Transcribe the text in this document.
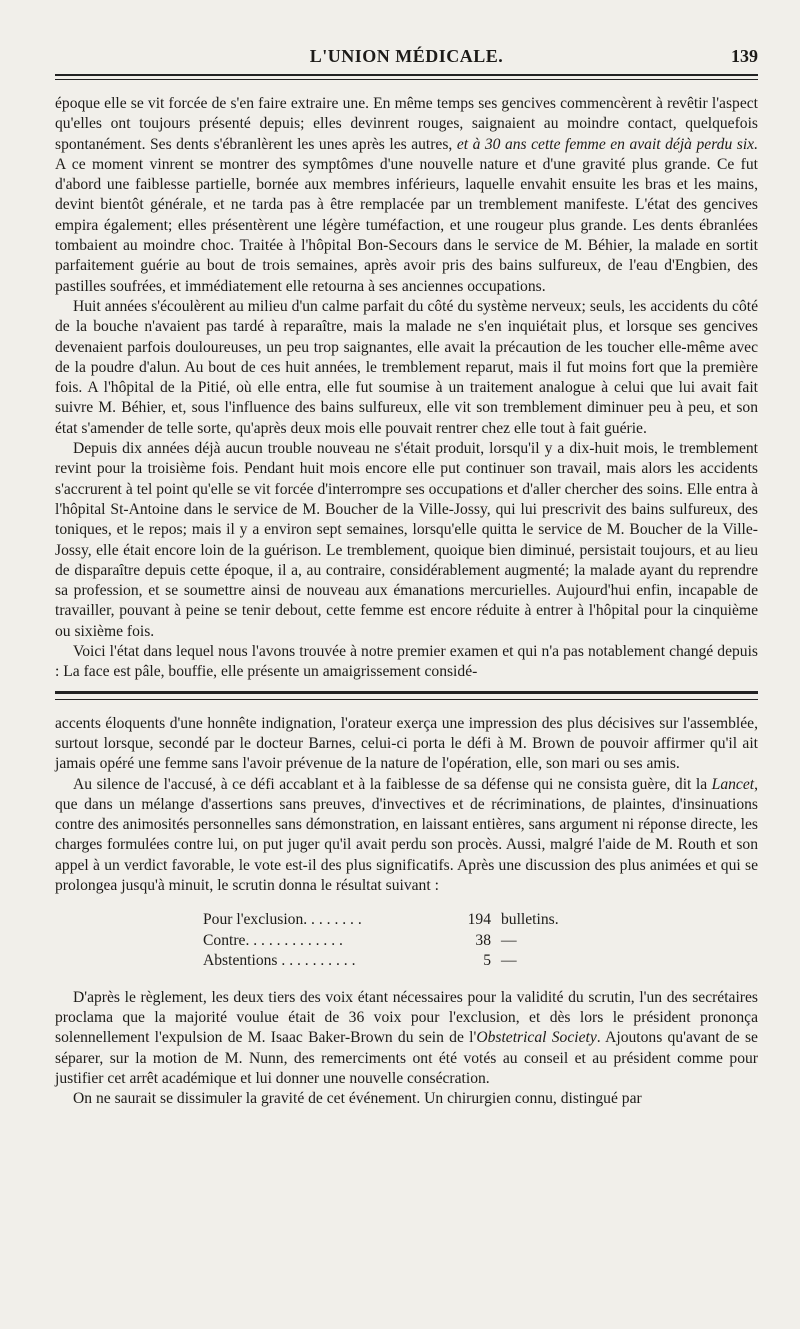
L'UNION MÉDICALE.	139

époque elle se vit forcée de s'en faire extraire une. En même temps ses gencives commencèrent à revêtir l'aspect qu'elles ont toujours présenté depuis; elles devinrent rouges, saignaient au moindre contact, quelquefois spontanément. Ses dents s'ébranlèrent les unes après les autres, et à 30 ans cette femme en avait déjà perdu six. A ce moment vinrent se montrer des symptômes d'une nouvelle nature et d'une gravité plus grande. Ce fut d'abord une faiblesse partielle, bornée aux membres inférieurs, laquelle envahit ensuite les bras et les mains, devint bientôt générale, et ne tarda pas à être remplacée par un tremblement manifeste. L'état des gencives empira également; elles présentèrent une légère tuméfaction, et une rougeur plus grande. Les dents ébranlées tombaient au moindre choc. Traitée à l'hôpital Bon-Secours dans le service de M. Béhier, la malade en sortit parfaitement guérie au bout de trois semaines, après avoir pris des bains sulfureux, de l'eau d'Engbien, des pastilles soufrées, et immédiatement elle retourna à ses anciennes occupations.

Huit années s'écoulèrent au milieu d'un calme parfait du côté du système nerveux; seuls, les accidents du côté de la bouche n'avaient pas tardé à reparaître, mais la malade ne s'en inquiétait plus, et lorsque ses gencives devenaient parfois douloureuses, un peu trop saignantes, elle avait la précaution de les toucher elle-même avec de la poudre d'alun. Au bout de ces huit années, le tremblement reparut, mais il fut moins fort que la première fois. A l'hôpital de la Pitié, où elle entra, elle fut soumise à un traitement analogue à celui que lui avait fait suivre M. Béhier, et, sous l'influence des bains sulfureux, elle vit son tremblement diminuer peu à peu, et son état s'amender de telle sorte, qu'après deux mois elle pouvait rentrer chez elle tout à fait guérie.

Depuis dix années déjà aucun trouble nouveau ne s'était produit, lorsqu'il y a dix-huit mois, le tremblement revint pour la troisième fois. Pendant huit mois encore elle put continuer son travail, mais alors les accidents s'accrurent à tel point qu'elle se vit forcée d'interrompre ses occupations et d'aller chercher des soins. Elle entra à l'hôpital St-Antoine dans le service de M. Boucher de la Ville-Jossy, qui lui prescrivit des bains sulfureux, des toniques, et le repos; mais il y a environ sept semaines, lorsqu'elle quitta le service de M. Boucher de la Ville-Jossy, elle était encore loin de la guérison. Le tremblement, quoique bien diminué, persistait toujours, et au lieu de disparaître depuis cette époque, il a, au contraire, considérablement augmenté; la malade ayant du reprendre sa profession, et se soumettre ainsi de nouveau aux émanations mercurielles. Aujourd'hui enfin, incapable de travailler, pouvant à peine se tenir debout, cette femme est encore réduite à entrer à l'hôpital pour la cinquième ou sixième fois.

Voici l'état dans lequel nous l'avons trouvée à notre premier examen et qui n'a pas notablement changé depuis : La face est pâle, bouffie, elle présente un amaigrissement considé-

accents éloquents d'une honnête indignation, l'orateur exerça une impression des plus décisives sur l'assemblée, surtout lorsque, secondé par le docteur Barnes, celui-ci porta le défi à M. Brown de pouvoir affirmer qu'il ait jamais opéré une femme sans l'avoir prévenue de la nature de l'opération, elle, son mari ou ses amis.

Au silence de l'accusé, à ce défi accablant et à la faiblesse de sa défense qui ne consista guère, dit la Lancet, que dans un mélange d'assertions sans preuves, d'invectives et de récriminations, de plaintes, d'insinuations contre des animosités personnelles sans démonstration, en laissant entières, sans argument ni réponse directe, les charges formulées contre lui, on put juger qu'il avait perdu son procès. Aussi, malgré l'aide de M. Routh et son appel à un verdict favorable, le vote est-il des plus significatifs. Après une discussion des plus animées et qui se prolongea jusqu'à minuit, le scrutin donna le résultat suivant :

Pour l'exclusion. . . . . . . .	194	bulletins.
Contre. . . . . . . . . . . . .	38	—
Abstentions . . . . . . . . . .	5	—

D'après le règlement, les deux tiers des voix étant nécessaires pour la validité du scrutin, l'un des secrétaires proclama que la majorité voulue était de 36 voix pour l'exclusion, et dès lors le président prononça solennellement l'expulsion de M. Isaac Baker-Brown du sein de l'Obstetrical Society. Ajoutons qu'avant de se séparer, sur la motion de M. Nunn, des remerciments ont été votés au conseil et au président comme pour justifier cet arrêt académique et lui donner une nouvelle consécration.

On ne saurait se dissimuler la gravité de cet événement. Un chirurgien connu, distingué par
